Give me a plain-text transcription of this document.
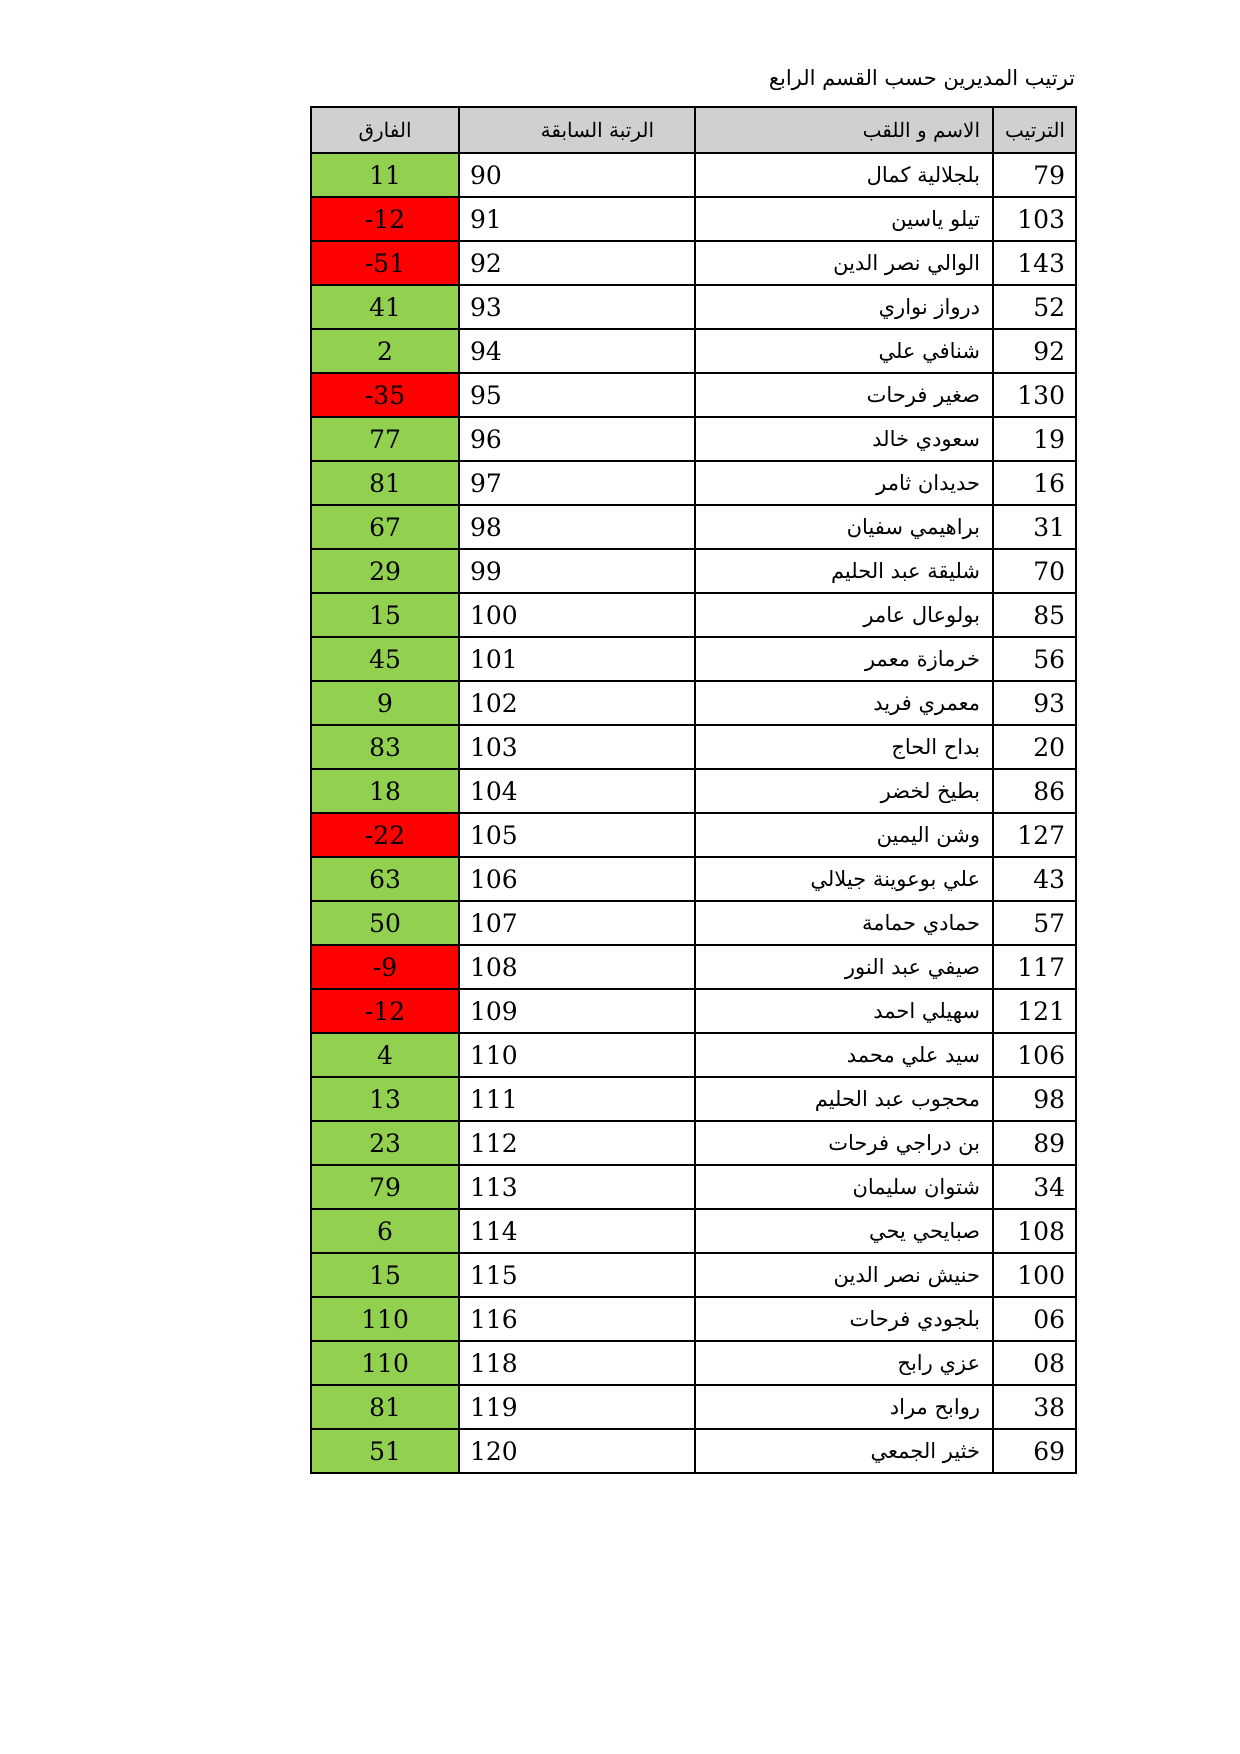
ترتيب المديرين حسب القسم الرابع
الترتيب	الاسم و اللقب	الرتبة السابقة	الفارق
79	بلجلالية كمال	90	11
103	تيلو ياسين	91	-12
143	الوالي نصر الدين	92	-51
52	درواز نواري	93	41
92	شنافي علي	94	2
130	صغير فرحات	95	-35
19	سعودي خالد	96	77
16	حديدان ثامر	97	81
31	براهيمي سفيان	98	67
70	شليقة عبد الحليم	99	29
85	بولوعال عامر	100	15
56	خرمازة معمر	101	45
93	معمري فريد	102	9
20	بداح الحاج	103	83
86	بطيخ لخضر	104	18
127	وشن اليمين	105	-22
43	علي بوعوينة جيلالي	106	63
57	حمادي حمامة	107	50
117	صيفي عبد النور	108	-9
121	سهيلي احمد	109	-12
106	سيد علي محمد	110	4
98	محجوب عبد الحليم	111	13
89	بن دراجي فرحات	112	23
34	شتوان سليمان	113	79
108	صبايحي يحي	114	6
100	حنيش نصر الدين	115	15
06	بلجودي فرحات	116	110
08	عزي رابح	118	110
38	روابح مراد	119	81
69	خثير الجمعي	120	51
